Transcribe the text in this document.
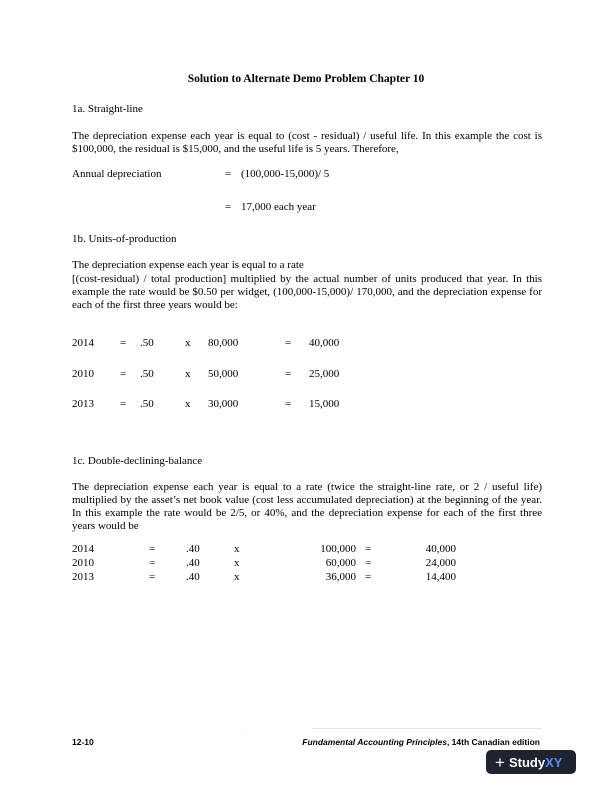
Solution to Alternate Demo Problem Chapter 10
1a. Straight-line
The depreciation expense each year is equal to (cost - residual) / useful life. In this example the cost is $100,000, the residual is $15,000, and the useful life is 5 years. Therefore,
Annual depreciation	= (100,000-15,000)/ 5
= 17,000 each year
1b. Units-of-production
The depreciation expense each year is equal to a rate
[(cost-residual) / total production] multiplied by the actual number of units produced that year. In this example the rate would be $0.50 per widget, (100,000-15,000)/ 170,000, and the depreciation expense for each of the first three years would be:
2014 = .50	x 80,000	= 40,000
2010 = .50	x 50,000	= 25,000
2013 = .50	x 30,000	= 15,000
1c. Double-declining-balance
The depreciation expense each year is equal to a rate (twice the straight-line rate, or 2 / useful life) multiplied by the asset’s net book value (cost less accumulated depreciation) at the beginning of the year. In this example the rate would be 2/5, or 40%, and the depreciation expense for each of the first three years would be
2014	=	.40	x	100,000 =	40,000
2010	=	.40	x	60,000 =	24,000
2013	=	.40	x	36,000 =	14,400
.
12-10	Fundamental Accounting Principles, 14th Canadian edition
+ StudyXY
